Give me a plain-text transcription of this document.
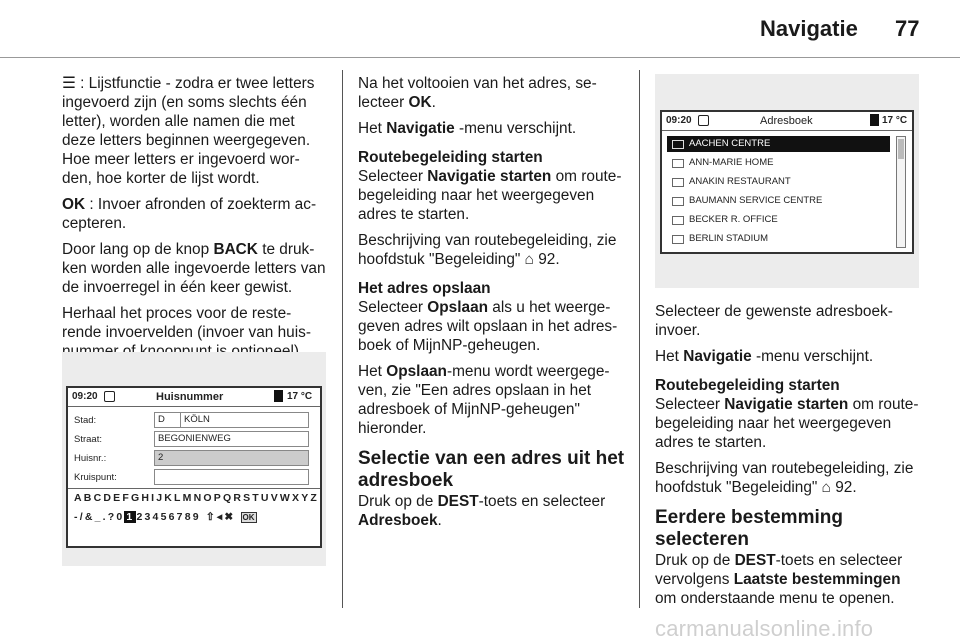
Navigatie 77

☰ : Lijstfunctie - zodra er twee letters ingevoerd zijn (en soms slechts één letter), worden alle namen die met deze letters beginnen weergegeven. Hoe meer letters er ingevoerd wor- den, hoe korter de lijst wordt.

OK : Invoer afronden of zoekterm ac- cepteren.

Door lang op de knop BACK te druk- ken worden alle ingevoerde letters van de invoerregel in één keer gewist.

Herhaal het proces voor de reste- rende invoervelden (invoer van huis-

09:20	Huisnummer	17 °C
Stad:	D	KÖLN
Straat:	BEGONIENWEG
Huisnr.:	2
Kruispunt:
ABCDEFGHIJKLMNOPQRSTUVWXYZ
-/&_.?0 1 23456789 ⇧◂✖ OK

Na het voltooien van het adres, se- lecteer OK.

Het Navigatie -menu verschijnt.

Routebegeleiding starten

Selecteer Navigatie starten om route- begeleiding naar het weergegeven adres te starten.

Beschrijving van routebegeleiding, zie hoofdstuk "Begeleiding" ⌂ 92.

Het adres opslaan

Selecteer Opslaan als u het weerge- geven adres wilt opslaan in het adres- boek of MijnNP-geheugen.

Het Opslaan-menu wordt weergege- ven, zie "Een adres opslaan in het adresboek of MijnNP-geheugen" hieronder.

Selectie van een adres uit het adresboek

Druk op de DEST-toets en selecteer Adresboek.

09:20	Adresboek	17 °C
AACHEN CENTRE
ANN-MARIE HOME
ANAKIN RESTAURANT
BAUMANN SERVICE CENTRE
BECKER R. OFFICE
BERLIN STADIUM

Selecteer de gewenste adresboek- invoer.

Het Navigatie -menu verschijnt.

Routebegeleiding starten

Selecteer Navigatie starten om route- begeleiding naar het weergegeven adres te starten.

Beschrijving van routebegeleiding, zie hoofdstuk "Begeleiding" ⌂ 92.

Eerdere bestemming selecteren

Druk op de DEST-toets en selecteer vervolgens Laatste bestemmingen om onderstaande menu te openen.

carmanualsonline.info
